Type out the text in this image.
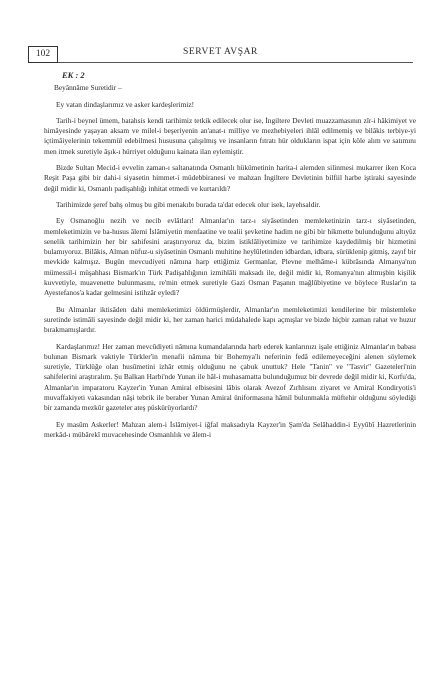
102	SERVET AVŞAR
EK : 2
Beyânnâme Suretidir –

Ey vatan dindaşlarımız ve asker kardeşlerimiz!

Tarih-i beynel ümem, batahsis kendi tarihimiz tetkik edilecek olur ise, İngiltere Devleti muazzamasının zîr-i hâkimiyet ve himâyesinde yaşayan aksam ve milel-i beşeriyenin an'anat-ı milliye ve mezhebiyeleri ihlâl edilmemiş ve bilâkis terbiye-yi içtimâiyelerinin tekemmül edebilmesi hususuna çalışılmış ve insanların fıtratı hür oldukların ispat için köle alım ve satımını men itmek suretiyle âşık-ı hürriyet olduğunu kainata ilan eylemiştir.

Bizde Sultan Mecid-i evvelin zaman-ı saltanatında Osmanlı hükümetinin harita-i alemden silinmesi mukarrer iken Koca Reşit Paşa gibi bir dahi-i siyasetin himmet-i müdebbiranesi ve mahzan İngiltere Devletinin bilfiil harbe iştiraki sayesinde değil midir ki, Osmanlı padişahlığı inhitat etmedi ve kurtarıldı?

Tarihimizde şeref bahş olmuş bu gibi menakıbı burada ta'dat edecek olur isek, layehsaldir.

Ey Osmanoğlu nezih ve necib evlâtları! Almanlar'ın tarz-ı siyâsetinden memleketinizin tarz-ı siyâsetinden, memleketimizin ve ba-husus âlemi İslâmiyetin menfaatine ve tealii şevketine hadim ne gibi bir hikmette bulunduğunu altıyüz senelik tarihimizin her bir sahifesini araştırıyoruz da, bizim istiklâliyetimize ve tarihimize kaydedilmiş bir hizmetini bulamıyoruz. Bilâkis, Alman nüfuz-u siyâsetinin Osmanlı muhitine heylûletinden idbardan, idbara, sürüklenip gitmiş, zayıf bir mevkide kalmışız. Bugün mevcudiyeti nâmına harp ettiğimiz Germanlar, Plevne melhâme-i kübrâsında Almanya'nın mümessil-i müşahhası Bismark'ın Türk Padişahlığının izmihlâli maksadı ile, değil midir ki, Romanya'nın altmışbin kişilik kuvvetiyle, muavenette bulunmasını, re'min etmek suretiyle Gazi Osman Paşanın mağlûbiyetine ve böylece Ruslar'ın ta Ayestefanos'a kadar gelmesini istihzâr eyledi?

Bu Almanlar iktisâden dahi memleketimizi öldürmüşlerdir, Almanlar'ın memleketimizi kendilerine bir müstemleke suretinde istimâli sayesinde değil midir ki, her zaman harici müdahalede kapı açmışlar ve bizde hiçbir zaman rahat ve huzur bırakmamışlardır.

Kardaşlarımız! Her zaman mevcûdiyeti nâmına kumandalarında harb ederek kanlarınızı işale ettiğiniz Almanlar'ın babası bulunan Bismark vaktiyle Türkler'in menafii nâmına bir Bohemya'lı neferinin fedâ edilemeyeceğini alenen söylemek suretiyle, Türklüğe olan husûmetini izhâr etmiş olduğunu ne çabuk unuttuk? Hele "Tanin" ve "Tasvir" Gazeteleri'nin sahifelerini araştıralım. Şu Balkan Harbi'nde Yunan ile hâl-i muhasamatta bulunduğumuz bir devrede değil midir ki, Korfu'da, Almanlar'ın imparatoru Kayzer'in Yunan Amiral elbisesini lâbis olarak Avezof Zırhlısını ziyaret ve Amiral Kondiryotis'i muvaffakiyeti vakasından nâşi tebrik ile beraber Yunan Amiral üniformasına hâmil bulunmakla müftehir olduğunu söylediği bir zamanda mezkûr gazeteler ateş püskürüyorlardı?

Ey masûm Askerler! Mahzan alem-i İslâmiyet-i iğfal maksadıyla Kayzer'in Şam'da Selâhaddin-i Eyyûbî Hazretlerinin merkâd-ı mübârekî muvacehesinde Osmanlılık ve âlem-i
